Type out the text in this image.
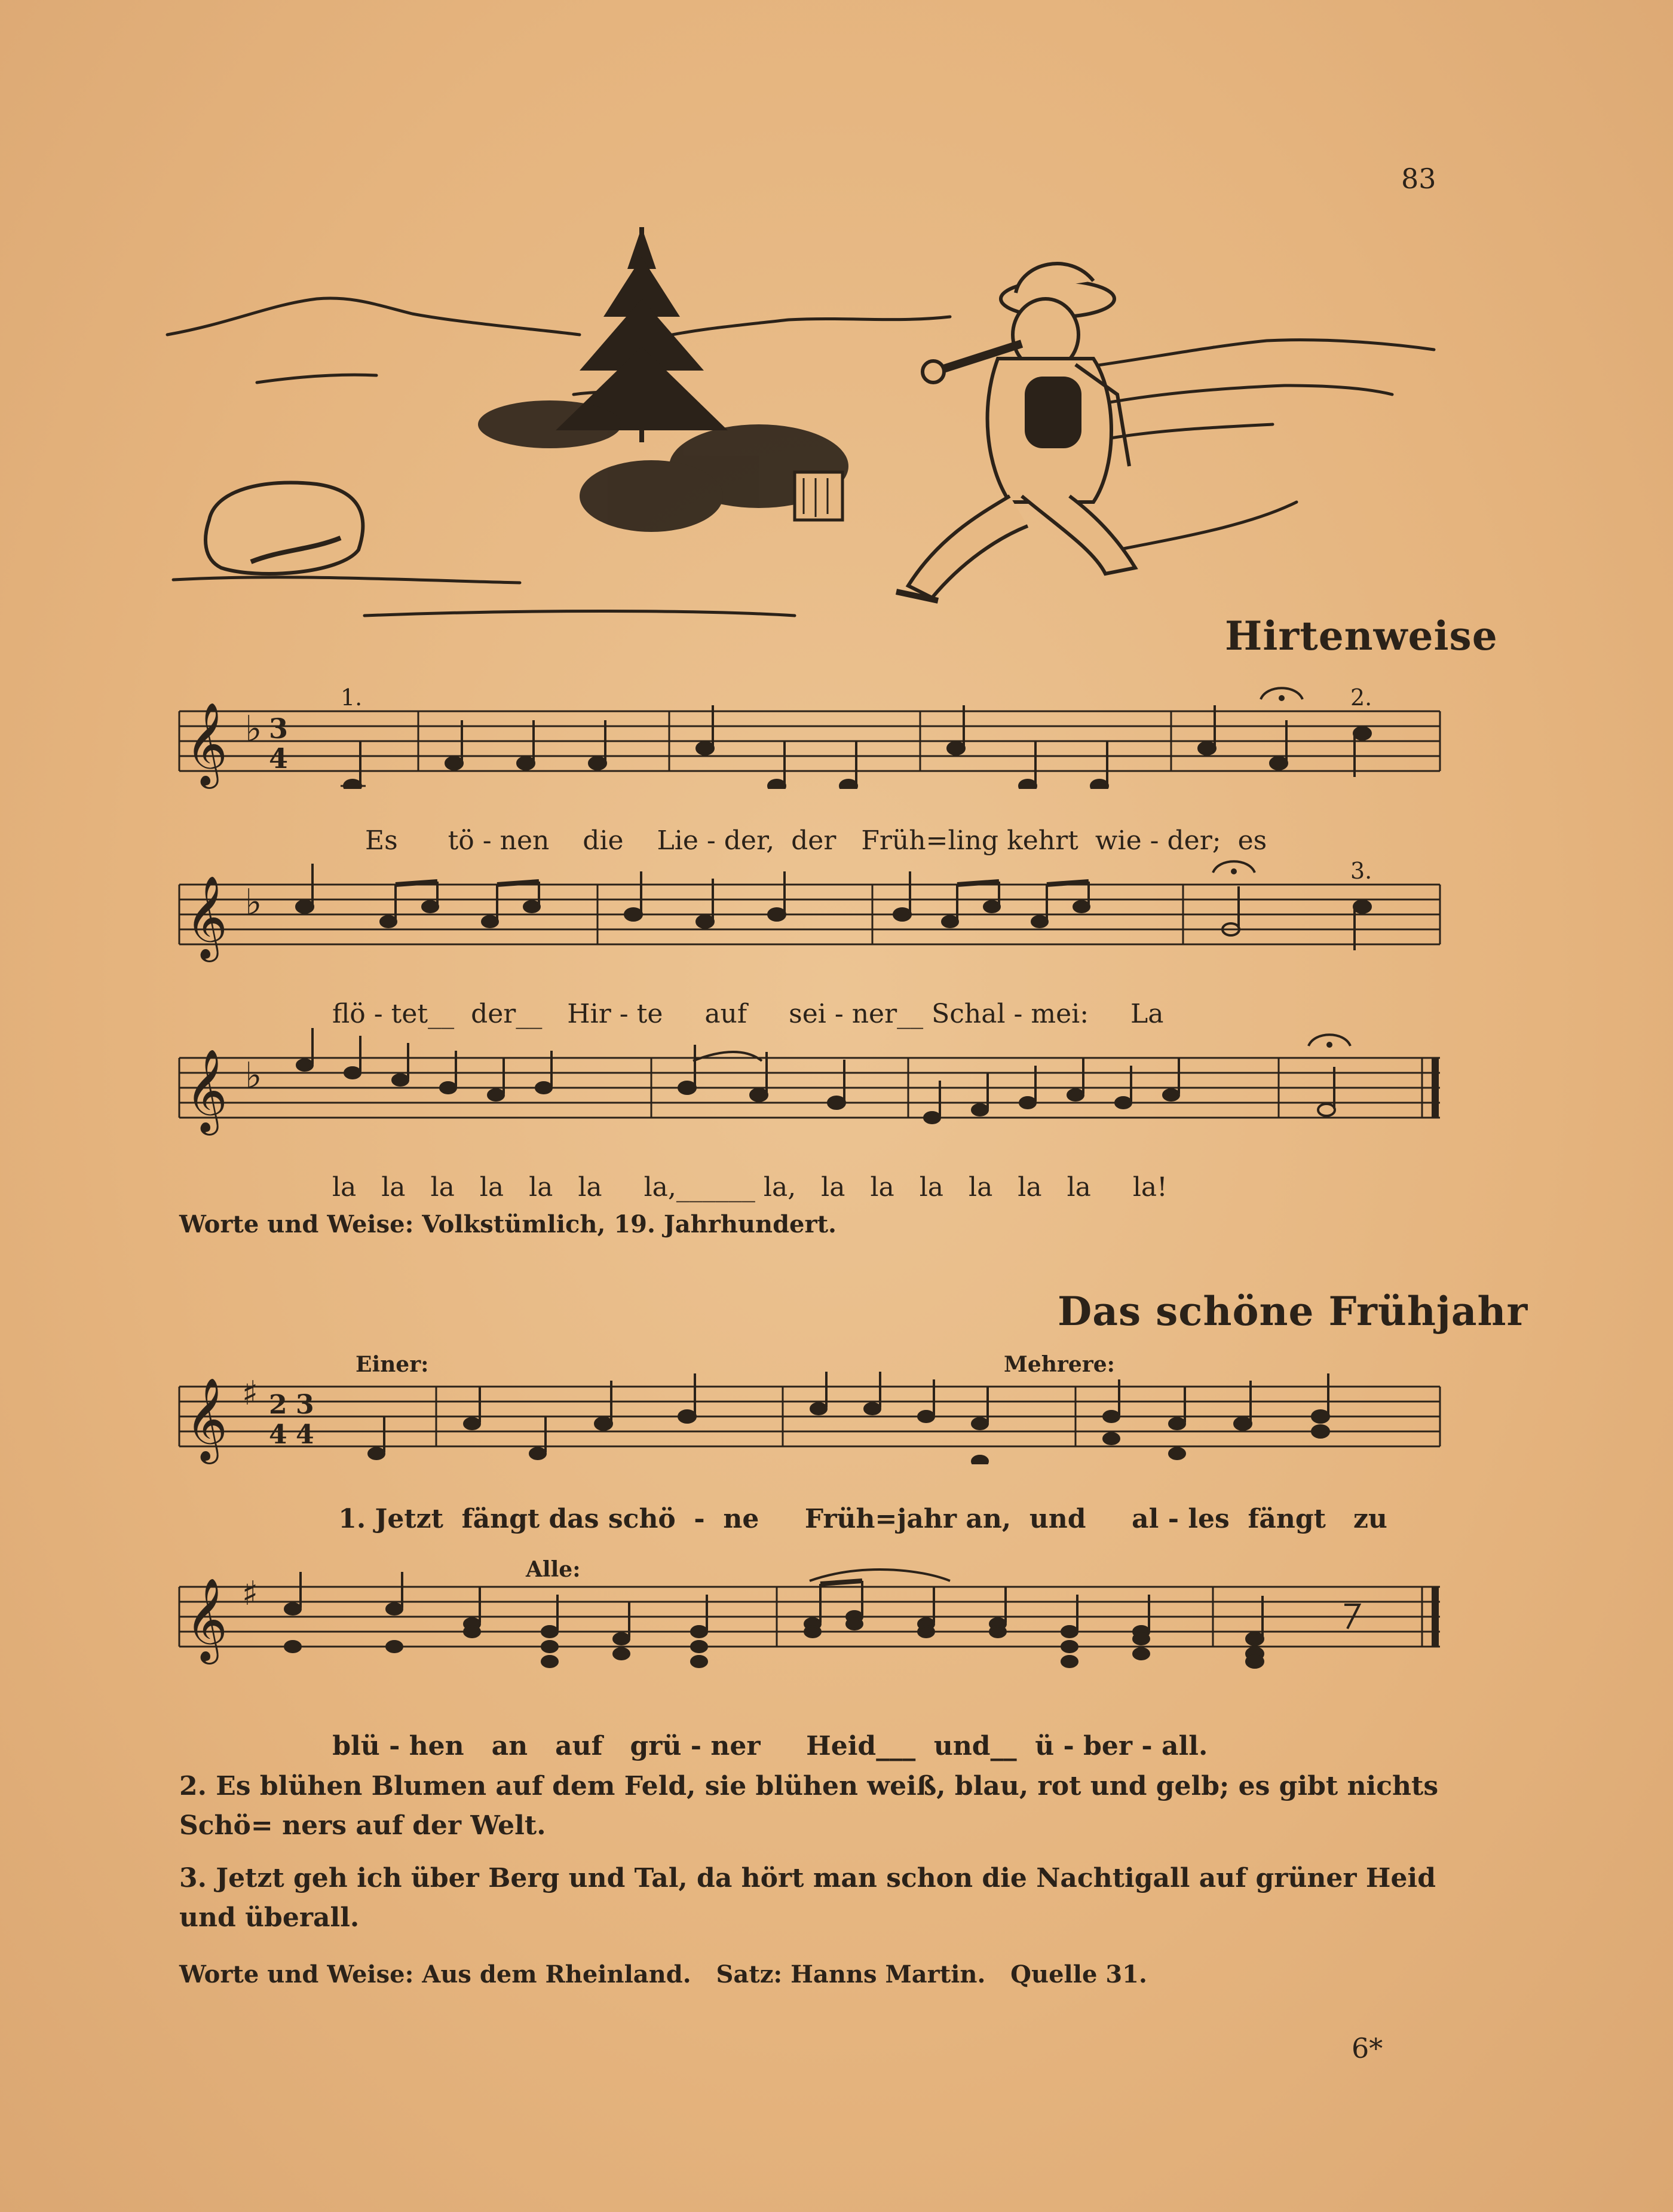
83
Hirtenweise
𝄞 ♭ 3
4
1.	2.

Es tö - nen die Lie - der, der Früh=ling kehrt wie - der; es

𝄞 ♭
3.

flö - tet__ der__ Hir - te auf sei - ner__ Schal - mei: La

𝄞 ♭

la la la la la la la,______ la, la la la la la la la!

Worte und Weise: Volkstümlich, 19. Jahrhundert.
Das schöne Frühjahr
Einer:	Mehrere:
𝄞 ♯ 2
4
3
4

1. Jetzt fängt das schö - ne Früh=jahr an, und al - les fängt zu

Alle:
𝄞 ♯

blü - hen an auf grü - ner Heid___ und__ ü - ber - all.

2. Es blühen Blumen auf dem Feld, sie blühen weiß, blau, rot und gelb; es gibt nichts Schö= ners auf der Welt.
3. Jetzt geh ich über Berg und Tal, da hört man schon die Nachtigall auf grüner Heid und überall.
Worte und Weise: Aus dem Rheinland.   Satz: Hanns Martin.   Quelle 31.
6*
